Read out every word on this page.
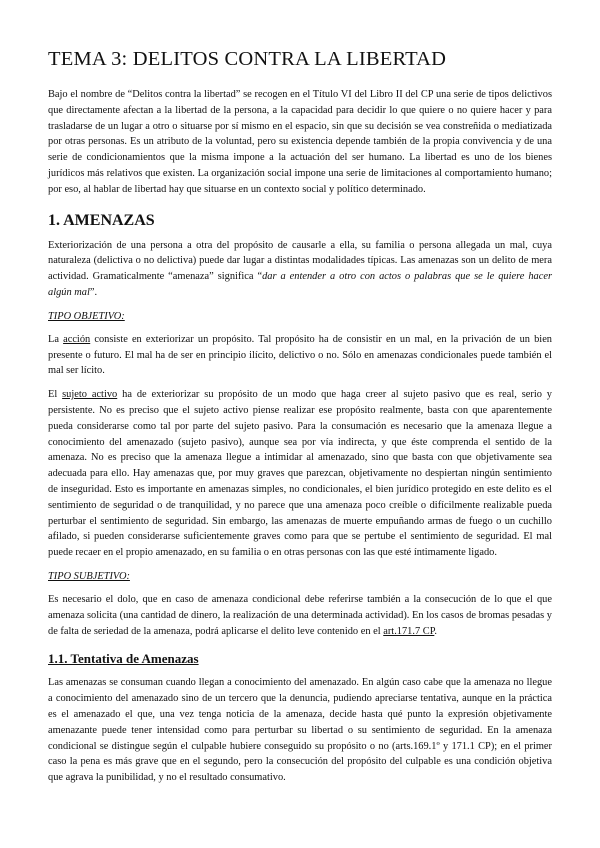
TEMA 3: DELITOS CONTRA LA LIBERTAD

Bajo el nombre de “Delitos contra la libertad” se recogen en el Título VI del Libro II del CP una serie de tipos delictivos que directamente afectan a la libertad de la persona, a la capacidad para decidir lo que quiere o no quiere hacer y para trasladarse de un lugar a otro o situarse por sí mismo en el espacio, sin que su decisión se vea constreñida o mediatizada por otras personas. Es un atributo de la voluntad, pero su existencia depende también de la propia convivencia y de una serie de condicionamientos que la misma impone a la actuación del ser humano. La libertad es uno de los bienes jurídicos más relativos que existen. La organización social impone una serie de limitaciones al comportamiento humano; por eso, al hablar de libertad hay que situarse en un contexto social y político determinado.

1. AMENAZAS

Exteriorización de una persona a otra del propósito de causarle a ella, su familia o persona allegada un mal, cuya naturaleza (delictiva o no delictiva) puede dar lugar a distintas modalidades típicas. Las amenazas son un delito de mera actividad. Gramaticalmente “amenaza” significa “dar a entender a otro con actos o palabras que se le quiere hacer algún mal”.

TIPO OBJETIVO:

La acción consiste en exteriorizar un propósito. Tal propósito ha de consistir en un mal, en la privación de un bien presente o futuro. El mal ha de ser en principio ilícito, delictivo o no. Sólo en amenazas condicionales puede también el mal ser lícito.

El sujeto activo ha de exteriorizar su propósito de un modo que haga creer al sujeto pasivo que es real, serio y persistente. No es preciso que el sujeto activo piense realizar ese propósito realmente, basta con que aparentemente pueda considerarse como tal por parte del sujeto pasivo. Para la consumación es necesario que la amenaza llegue a conocimiento del amenazado (sujeto pasivo), aunque sea por vía indirecta, y que éste comprenda el sentido de la amenaza. No es preciso que la amenaza llegue a intimidar al amenazado, sino que basta con que objetivamente sea adecuada para ello. Hay amenazas que, por muy graves que parezcan, objetivamente no despiertan ningún sentimiento de inseguridad. Esto es importante en amenazas simples, no condicionales, el bien jurídico protegido en este delito es el sentimiento de seguridad o de tranquilidad, y no parece que una amenaza poco creíble o difícilmente realizable pueda perturbar el sentimiento de seguridad. Sin embargo, las amenazas de muerte empuñando armas de fuego o un cuchillo afilado, si pueden considerarse suficientemente graves como para que se pertube el sentimiento de seguridad. El mal puede recaer en el propio amenazado, en su familia o en otras personas con las que esté íntimamente ligado.

TIPO SUBJETIVO:

Es necesario el dolo, que en caso de amenaza condicional debe referirse también a la consecución de lo que el que amenaza solicita (una cantidad de dinero, la realización de una determinada actividad). En los casos de bromas pesadas y de falta de seriedad de la amenaza, podrá aplicarse el delito leve contenido en el art.171.7 CP.

1.1. Tentativa de Amenazas

Las amenazas se consuman cuando llegan a conocimiento del amenazado. En algún caso cabe que la amenaza no llegue a conocimiento del amenazado sino de un tercero que la denuncia, pudiendo apreciarse tentativa, aunque en la práctica es el amenazado el que, una vez tenga noticia de la amenaza, decide hasta qué punto la expresión objetivamente amenazante puede tener intensidad como para perturbar su libertad o su sentimiento de seguridad. En la amenaza condicional se distingue según el culpable hubiere conseguido su propósito o no (arts.169.1º y 171.1 CP); en el primer caso la pena es más grave que en el segundo, pero la consecución del propósito del culpable es una condición objetiva que agrava la punibilidad, y no el resultado consumativo.
